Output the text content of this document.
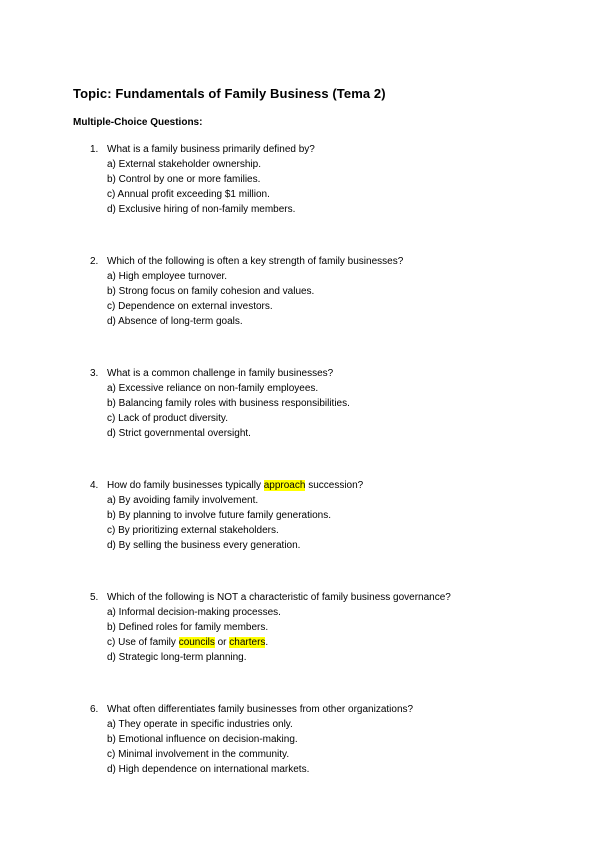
Topic: Fundamentals of Family Business (Tema 2)
Multiple-Choice Questions:
1. What is a family business primarily defined by?
a) External stakeholder ownership.
b) Control by one or more families.
c) Annual profit exceeding $1 million.
d) Exclusive hiring of non-family members.
2. Which of the following is often a key strength of family businesses?
a) High employee turnover.
b) Strong focus on family cohesion and values.
c) Dependence on external investors.
d) Absence of long-term goals.
3. What is a common challenge in family businesses?
a) Excessive reliance on non-family employees.
b) Balancing family roles with business responsibilities.
c) Lack of product diversity.
d) Strict governmental oversight.
4. How do family businesses typically approach succession?
a) By avoiding family involvement.
b) By planning to involve future family generations.
c) By prioritizing external stakeholders.
d) By selling the business every generation.
5. Which of the following is NOT a characteristic of family business governance?
a) Informal decision-making processes.
b) Defined roles for family members.
c) Use of family councils or charters.
d) Strategic long-term planning.
6. What often differentiates family businesses from other organizations?
a) They operate in specific industries only.
b) Emotional influence on decision-making.
c) Minimal involvement in the community.
d) High dependence on international markets.
